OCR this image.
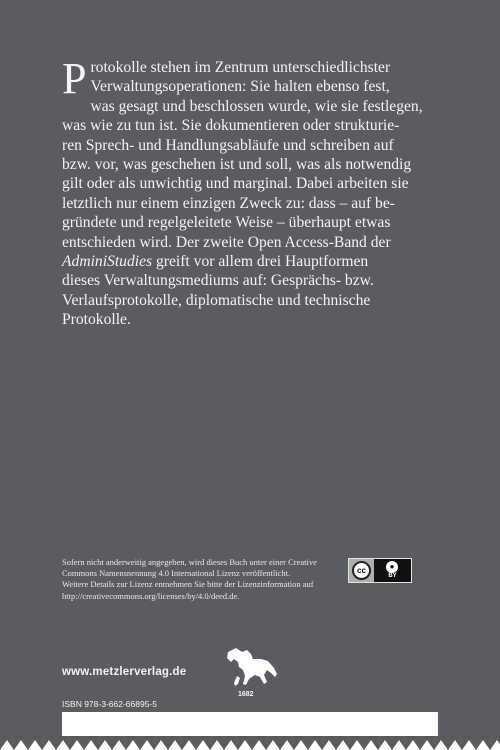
P rotokolle stehen im Zentrum unterschiedlichster
Verwaltungsoperationen: Sie halten ebenso fest,
was gesagt und beschlossen wurde, wie sie festlegen,
was wie zu tun ist. Sie dokumentieren oder strukturie-
ren Sprech- und Handlungsabläufe und schreiben auf
bzw. vor, was geschehen ist und soll, was als notwendig
gilt oder als unwichtig und marginal. Dabei arbeiten sie
letztlich nur einem einzigen Zweck zu: dass – auf be-
gründete und regelgeleitete Weise – überhaupt etwas
entschieden wird. Der zweite Open Access-Band der
AdminiStudies greift vor allem drei Hauptformen
dieses Verwaltungsmediums auf: Gesprächs- bzw.
Verlaufsprotokolle, diplomatische und technische
Protokolle.
Sofern nicht anderweitig angegeben, wird dieses Buch unter einer Creative
Commons Namensnennung 4.0 International Lizenz veröffentlicht.
Weitere Details zur Lizenz entnehmen Sie bitte der Lizenzinformation auf
http://creativecommons.org/licenses/by/4.0/deed.de.
cc	●
BY
www.metzlerverlag.de
1682
ISBN 978-3-662-66895-5
